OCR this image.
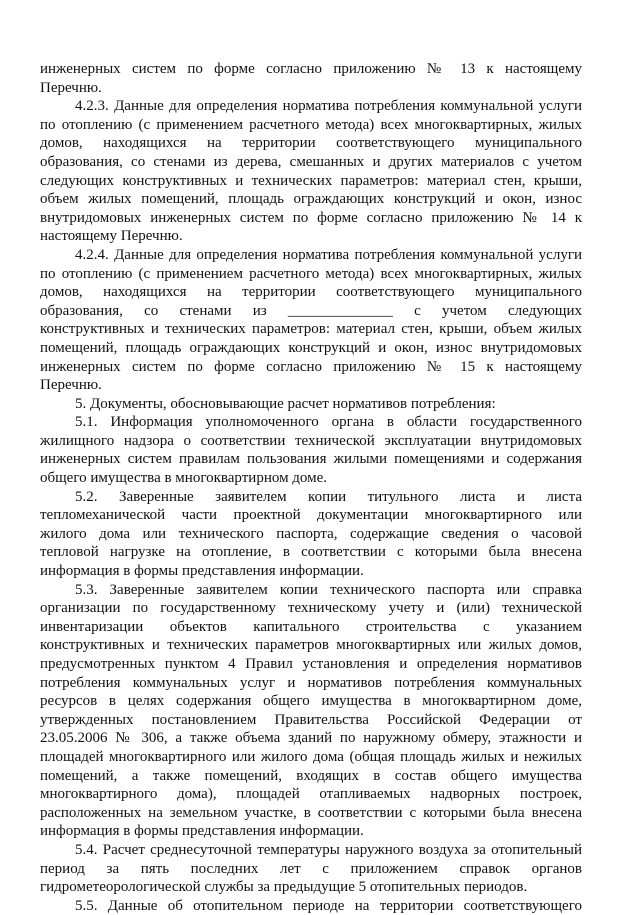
инженерных систем по форме согласно приложению № 13 к настоящему
Перечню.

4.2.3. Данные для определения норматива потребления коммунальной услуги
по отоплению (с применением расчетного метода) всех многоквартирных, жилых
домов, находящихся на территории соответствующего муниципального
образования, со стенами из дерева, смешанных и других материалов с учетом
следующих конструктивных и технических параметров: материал стен, крыши,
объем жилых помещений, площадь ограждающих конструкций и окон, износ
внутридомовых инженерных систем по форме согласно приложению № 14 к
настоящему Перечню.

4.2.4. Данные для определения норматива потребления коммунальной услуги
по отоплению (с применением расчетного метода) всех многоквартирных, жилых
домов, находящихся на территории соответствующего муниципального
образования, со стенами из ______________ с учетом следующих
конструктивных и технических параметров: материал стен, крыши, объем жилых
помещений, площадь ограждающих конструкций и окон, износ внутридомовых
инженерных систем по форме согласно приложению № 15 к настоящему
Перечню.

5. Документы, обосновывающие расчет нормативов потребления:

5.1. Информация уполномоченного органа в области государственного
жилищного надзора о соответствии технической эксплуатации внутридомовых
инженерных систем правилам пользования жилыми помещениями и содержания
общего имущества в многоквартирном доме.

5.2. Заверенные заявителем копии титульного листа и листа
тепломеханической части проектной документации многоквартирного или
жилого дома или технического паспорта, содержащие сведения о часовой
тепловой нагрузке на отопление, в соответствии с которыми была внесена
информация в формы представления информации.

5.3. Заверенные заявителем копии технического паспорта или справка
организации по государственному техническому учету и (или) технической
инвентаризации объектов капитального строительства с указанием
конструктивных и технических параметров многоквартирных или жилых домов,
предусмотренных пунктом 4 Правил установления и определения нормативов
потребления коммунальных услуг и нормативов потребления коммунальных
ресурсов в целях содержания общего имущества в многоквартирном доме,
утвержденных постановлением Правительства Российской Федерации от
23.05.2006 № 306, а также объема зданий по наружному обмеру, этажности и
площадей многоквартирного или жилого дома (общая площадь жилых и нежилых
помещений, а также помещений, входящих в состав общего имущества
многоквартирного дома), площадей отапливаемых надворных построек,
расположенных на земельном участке, в соответствии с которыми была внесена
информация в формы представления информации.

5.4. Расчет среднесуточной температуры наружного воздуха за отопительный
период за пять последних лет с приложением справок органов
гидрометеорологической службы за предыдущие 5 отопительных периодов.

5.5. Данные об отопительном периоде на территории соответствующего
